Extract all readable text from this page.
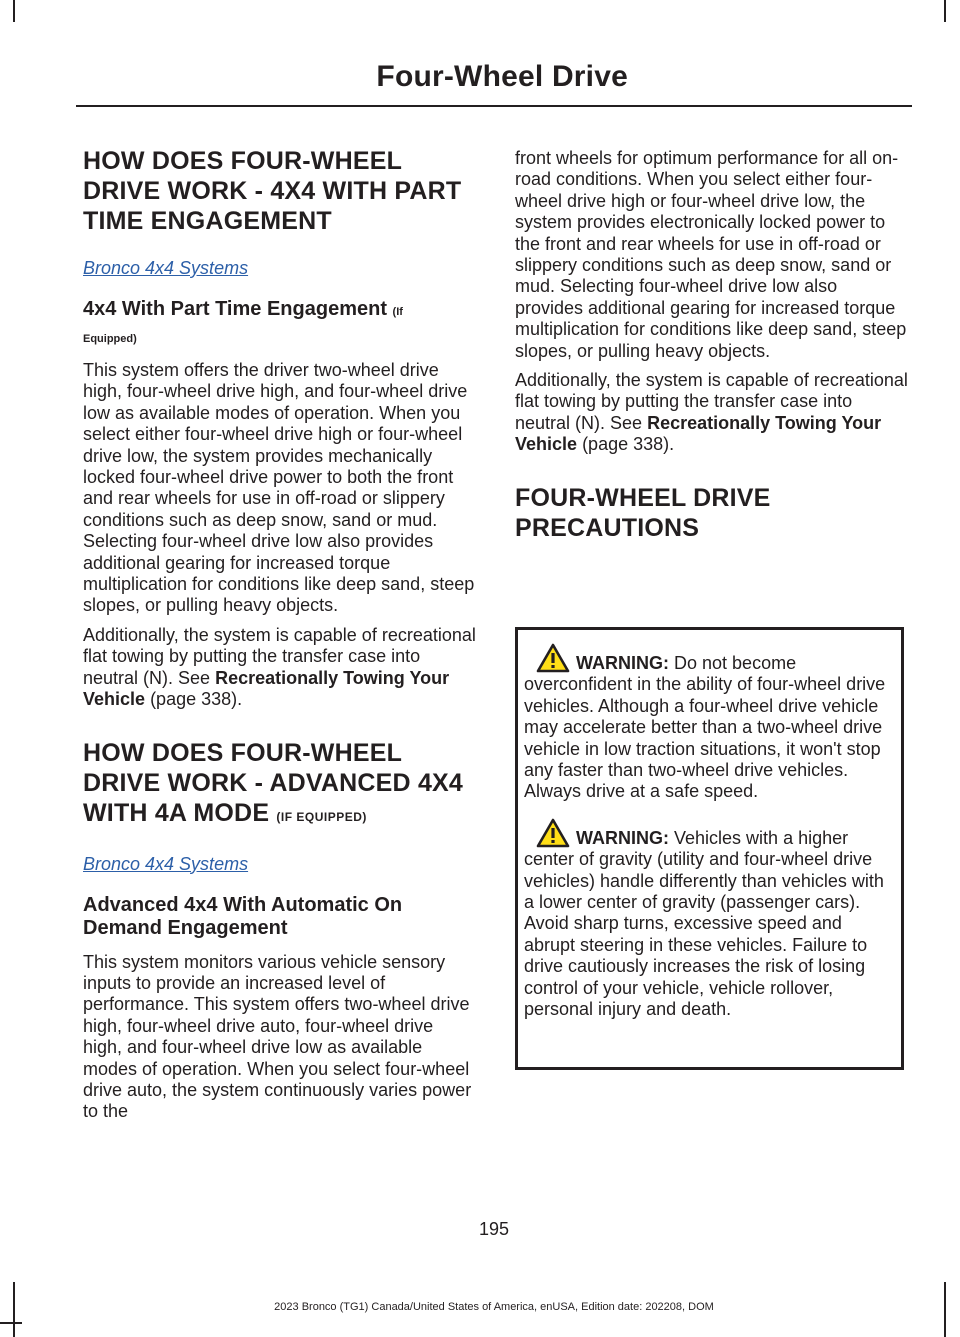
Four-Wheel Drive
HOW DOES FOUR-WHEEL
DRIVE WORK - 4X4 WITH PART
TIME ENGAGEMENT
Bronco 4x4 Systems
4x4 With Part Time Engagement (If
Equipped)

This system offers the driver two-wheel drive high, four-wheel drive high, and four-wheel drive low as available modes of operation. When you select either four-wheel drive high or four-wheel drive low, the system provides mechanically locked four-wheel drive power to both the front and rear wheels for use in off-road or slippery conditions such as deep snow, sand or mud. Selecting four-wheel drive low also provides additional gearing for increased torque multiplication for conditions like deep sand, steep slopes, or pulling heavy objects.

Additionally, the system is capable of recreational flat towing by putting the transfer case into neutral (N). See Recreationally Towing Your Vehicle (page 338).

HOW DOES FOUR-WHEEL
DRIVE WORK - ADVANCED 4X4
WITH 4A MODE (IF EQUIPPED)
Bronco 4x4 Systems
Advanced 4x4 With Automatic On Demand Engagement

This system monitors various vehicle sensory inputs to provide an increased level of performance. This system offers two-wheel drive high, four-wheel drive auto, four-wheel drive high, and four-wheel drive low as available modes of operation. When you select four-wheel drive auto, the system continuously varies power to the

front wheels for optimum performance for all on-road conditions. When you select either four-wheel drive high or four-wheel drive low, the system provides electronically locked power to the front and rear wheels for use in off-road or slippery conditions such as deep snow, sand or mud. Selecting four-wheel drive low also provides additional gearing for increased torque multiplication for conditions like deep sand, steep slopes, or pulling heavy objects.

Additionally, the system is capable of recreational flat towing by putting the transfer case into neutral (N). See Recreationally Towing Your Vehicle (page 338).

FOUR-WHEEL DRIVE
PRECAUTIONS

WARNING: Do not become overconfident in the ability of four-wheel drive vehicles. Although a four-wheel drive vehicle may accelerate better than a two-wheel drive vehicle in low traction situations, it won't stop any faster than two-wheel drive vehicles. Always drive at a safe speed.

WARNING: Vehicles with a higher center of gravity (utility and four-wheel drive vehicles) handle differently than vehicles with a lower center of gravity (passenger cars). Avoid sharp turns, excessive speed and abrupt steering in these vehicles. Failure to drive cautiously increases the risk of losing control of your vehicle, vehicle rollover, personal injury and death.

195
2023 Bronco (TG1) Canada/United States of America, enUSA, Edition date: 202208, DOM
